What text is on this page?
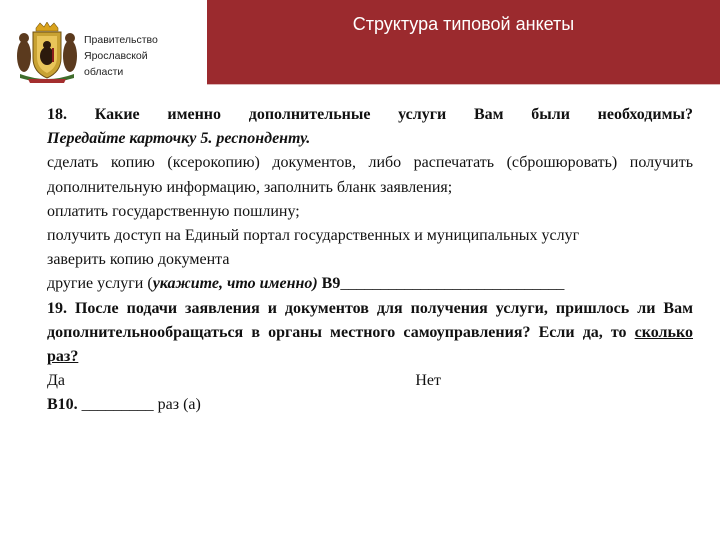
Правительство
Ярославской
области
Структура типовой анкеты
18. Какие именно дополнительные услуги Вам были необходимы?
Передайте карточку 5. респонденту.
сделать копию (ксерокопию) документов, либо распечатать (сброшюровать) получить дополнительную информацию, заполнить бланк заявления;
оплатить государственную пошлину;
получить доступ на Единый портал государственных и муниципальных услуг
заверить копию документа
другие услуги (укажите, что именно) В9____________________________
19. После подачи заявления и документов для получения услуги, пришлось ли Вам дополнительнообращаться в органы местного самоуправления? Если да, то сколько раз?
Да	Нет
В10. _________ раз (а)
